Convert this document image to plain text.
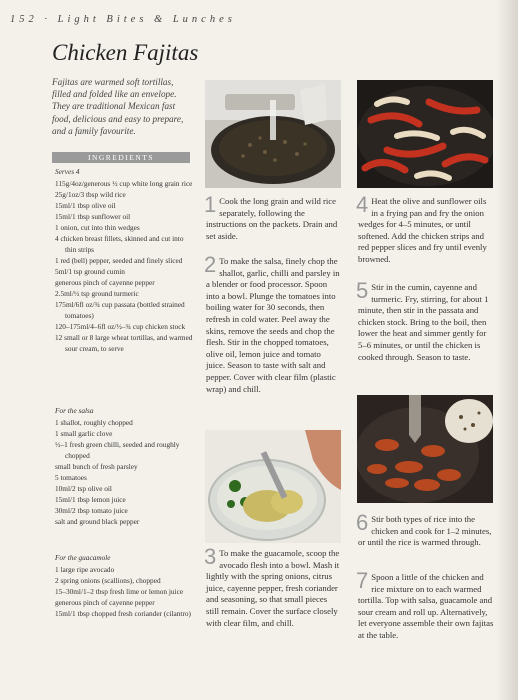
152 · Light Bites & Lunches
Chicken Fajitas
Fajitas are warmed soft tortillas, filled and folded like an envelope. They are traditional Mexican fast food, delicious and easy to prepare, and a family favourite.
INGREDIENTS
Serves 4
115g/4oz/generous ½ cup white long grain rice
25g/1oz/3 tbsp wild rice
15ml/1 tbsp olive oil
15ml/1 tbsp sunflower oil
1 onion, cut into thin wedges
4 chicken breast fillets, skinned and cut into thin strips
1 red (bell) pepper, seeded and finely sliced
5ml/1 tsp ground cumin
generous pinch of cayenne pepper
2.5ml/½ tsp ground turmeric
175ml/6fl oz/¾ cup passata (bottled strained tomatoes)
120–175ml/4–6fl oz/½–¾ cup chicken stock
12 small or 8 large wheat tortillas, and warmed sour cream, to serve
For the salsa
1 shallot, roughly chopped
1 small garlic clove
½–1 fresh green chilli, seeded and roughly chopped
small bunch of fresh parsley
5 tomatoes
10ml/2 tsp olive oil
15ml/1 tbsp lemon juice
30ml/2 tbsp tomato juice
salt and ground black pepper
For the guacamole
1 large ripe avocado
2 spring onions (scallions), chopped
15–30ml/1–2 tbsp fresh lime or lemon juice
generous pinch of cayenne pepper
15ml/1 tbsp chopped fresh coriander (cilantro)
1 Cook the long grain and wild rice separately, following the instructions on the packets. Drain and set aside.
2 To make the salsa, finely chop the shallot, garlic, chilli and parsley in a blender or food processor. Spoon into a bowl. Plunge the tomatoes into boiling water for 30 seconds, then refresh in cold water. Peel away the skins, remove the seeds and chop the flesh. Stir in the chopped tomatoes, olive oil, lemon juice and tomato juice. Season to taste with salt and pepper. Cover with clear film (plastic wrap) and chill.
3 To make the guacamole, scoop the avocado flesh into a bowl. Mash it lightly with the spring onions, citrus juice, cayenne pepper, fresh coriander and seasoning, so that small pieces still remain. Cover the surface closely with clear film, and chill.
4 Heat the olive and sunflower oils in a frying pan and fry the onion wedges for 4–5 minutes, or until softened. Add the chicken strips and red pepper slices and fry until evenly browned.
5 Stir in the cumin, cayenne and turmeric. Fry, stirring, for about 1 minute, then stir in the passata and chicken stock. Bring to the boil, then lower the heat and simmer gently for 5–6 minutes, or until the chicken is cooked through. Season to taste.
6 Stir both types of rice into the chicken and cook for 1–2 minutes, or until the rice is warmed through.
7 Spoon a little of the chicken and rice mixture on to each warmed tortilla. Top with salsa, guacamole and sour cream and roll up. Alternatively, let everyone assemble their own fajitas at the table.
